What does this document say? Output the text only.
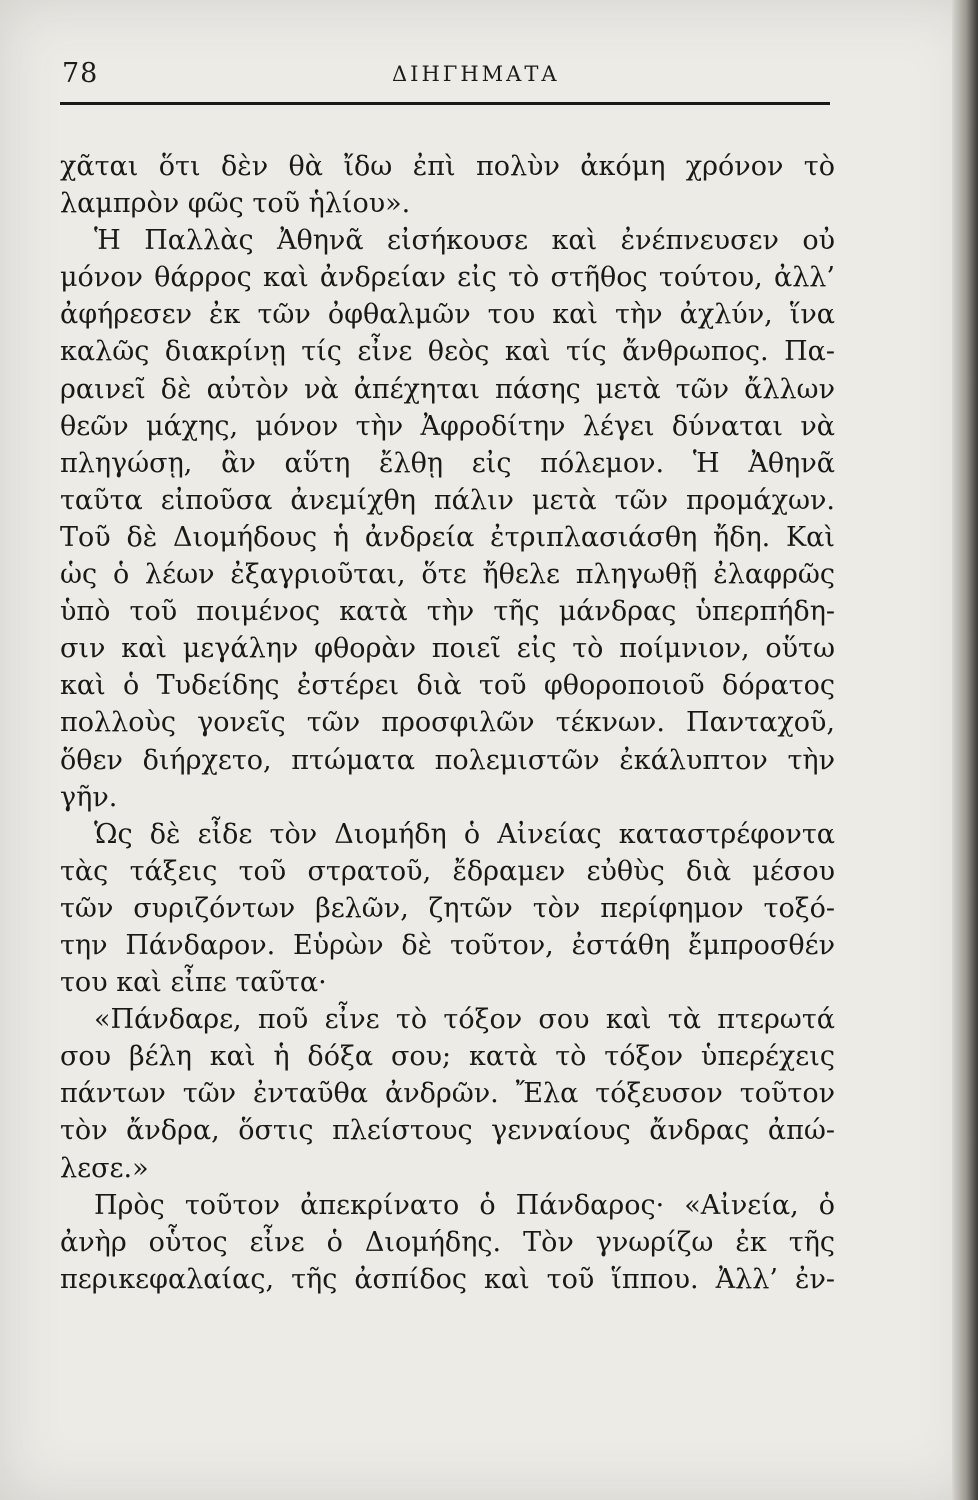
78	ΔΙΗΓΗΜΑΤΑ
χᾶται ὅτι δὲν θὰ ἴδω ἐπὶ πολὺν ἀκόμη χρόνον τὸ
λαμπρὸν φῶς τοῦ ἡλίου».
Ἡ Παλλὰς Ἀθηνᾶ εἰσήκουσε καὶ ἐνέπνευσεν οὐ
μόνον θάρρος καὶ ἀνδρείαν εἰς τὸ στῆθος τούτου, ἀλλ’
ἀφήρεσεν ἐκ τῶν ὀφθαλμῶν του καὶ τὴν ἀχλύν, ἵνα
καλῶς διακρίνῃ τίς εἶνε θεὸς καὶ τίς ἄνθρωπος. Πα-
ραινεῖ δὲ αὐτὸν νὰ ἀπέχηται πάσης μετὰ τῶν ἄλλων
θεῶν μάχης, μόνον τὴν Ἀφροδίτην λέγει δύναται νὰ
πληγώσῃ, ἂν αὕτη ἔλθῃ εἰς πόλεμον. Ἡ Ἀθηνᾶ
ταῦτα εἰποῦσα ἀνεμίχθη πάλιν μετὰ τῶν προμάχων.
Τοῦ δὲ Διομήδους ἡ ἀνδρεία ἐτριπλασιάσθη ἤδη. Καὶ
ὡς ὁ λέων ἐξαγριοῦται, ὅτε ἤθελε πληγωθῇ ἐλαφρῶς
ὑπὸ τοῦ ποιμένος κατὰ τὴν τῆς μάνδρας ὑπερπήδη-
σιν καὶ μεγάλην φθορὰν ποιεῖ εἰς τὸ ποίμνιον, οὕτω
καὶ ὁ Τυδείδης ἐστέρει διὰ τοῦ φθοροποιοῦ δόρατος
πολλοὺς γονεῖς τῶν προσφιλῶν τέκνων. Πανταχοῦ,
ὅθεν διήρχετο, πτώματα πολεμιστῶν ἐκάλυπτον τὴν
γῆν.
Ὡς δὲ εἶδε τὸν Διομήδη ὁ Αἰνείας καταστρέφοντα
τὰς τάξεις τοῦ στρατοῦ, ἔδραμεν εὐθὺς διὰ μέσου
τῶν συριζόντων βελῶν, ζητῶν τὸν περίφημον τοξό-
την Πάνδαρον. Εὑρὼν δὲ τοῦτον, ἐστάθη ἔμπροσθέν
του καὶ εἶπε ταῦτα·
«Πάνδαρε, ποῦ εἶνε τὸ τόξον σου καὶ τὰ πτερωτά
σου βέλη καὶ ἡ δόξα σου; κατὰ τὸ τόξον ὑπερέχεις
πάντων τῶν ἐνταῦθα ἀνδρῶν. Ἔλα τόξευσον τοῦτον
τὸν ἄνδρα, ὅστις πλείστους γενναίους ἄνδρας ἀπώ-
λεσε.»
Πρὸς τοῦτον ἀπεκρίνατο ὁ Πάνδαρος· «Αἰνεία, ὁ
ἀνὴρ οὗτος εἶνε ὁ Διομήδης. Τὸν γνωρίζω ἐκ τῆς
περικεφαλαίας, τῆς ἀσπίδος καὶ τοῦ ἵππου. Ἀλλ’ ἐν-
